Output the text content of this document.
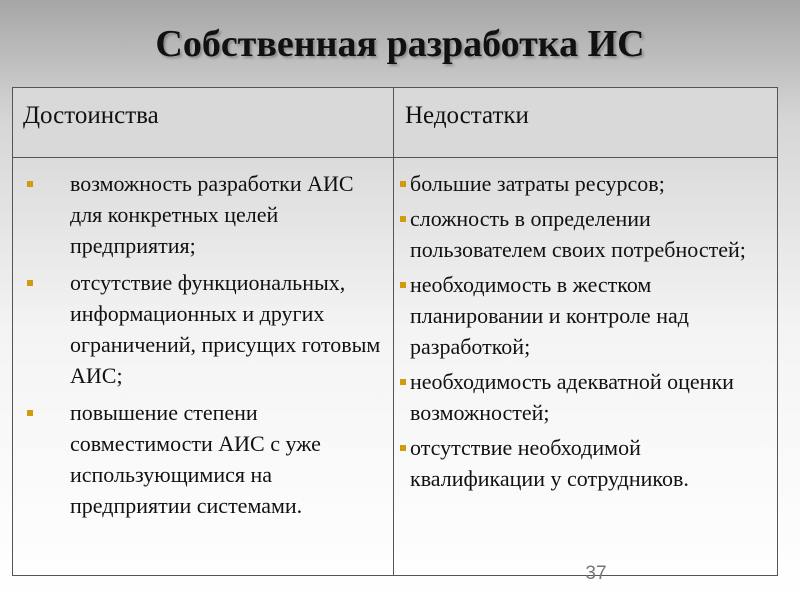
Собственная разработка ИС
Достоинства	Недостатки
возможность разработки АИС для конкретных целей предприятия;
отсутствие функциональных, информационных и других ограничений, присущих готовым АИС;
повышение степени совместимости АИС с уже использующимися на предприятии системами.
большие затраты ресурсов;
сложность в определении пользователем своих потребностей;
необходимость в жестком планировании и контроле над разработкой;
необходимость адекватной оценки возможностей;
отсутствие необходимой квалификации у сотрудников.
37
